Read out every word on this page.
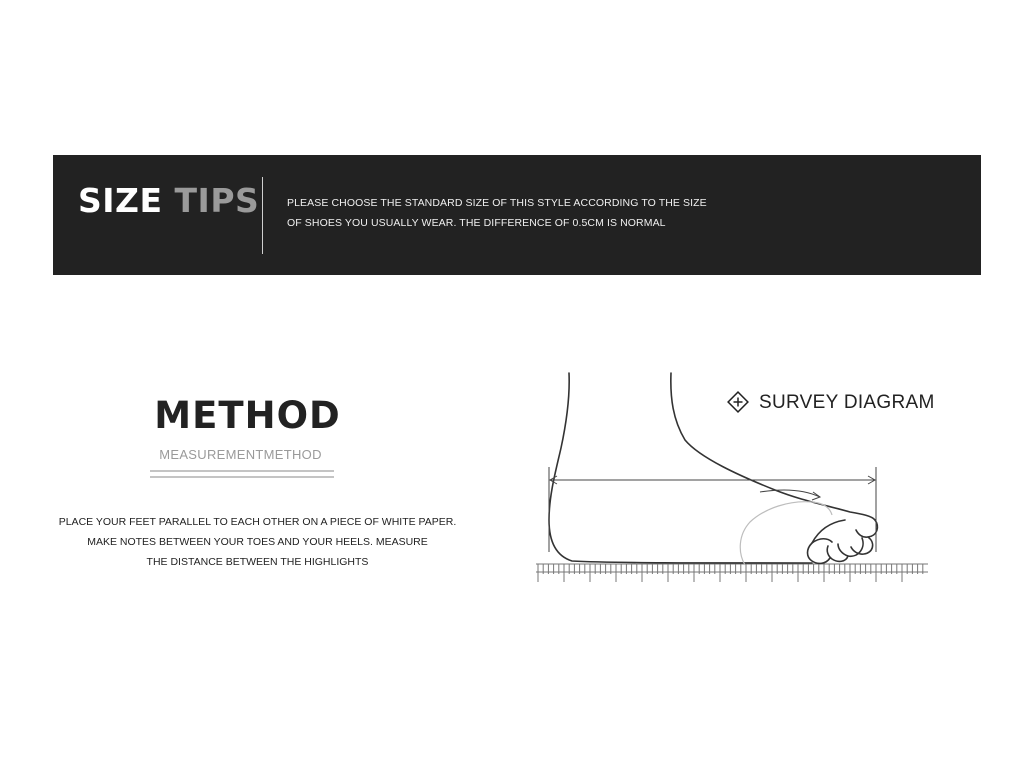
SIZE TIPS	PLEASE CHOOSE THE STANDARD SIZE OF THIS STYLE ACCORDING TO THE SIZE
OF SHOES YOU USUALLY WEAR. THE DIFFERENCE OF 0.5CM IS NORMAL
METHOD
MEASUREMENTMETHOD
PLACE YOUR FEET PARALLEL TO EACH OTHER ON A PIECE OF WHITE PAPER.
MAKE NOTES BETWEEN YOUR TOES AND YOUR HEELS. MEASURE
THE DISTANCE BETWEEN THE HIGHLIGHTS
SURVEY DIAGRAM
